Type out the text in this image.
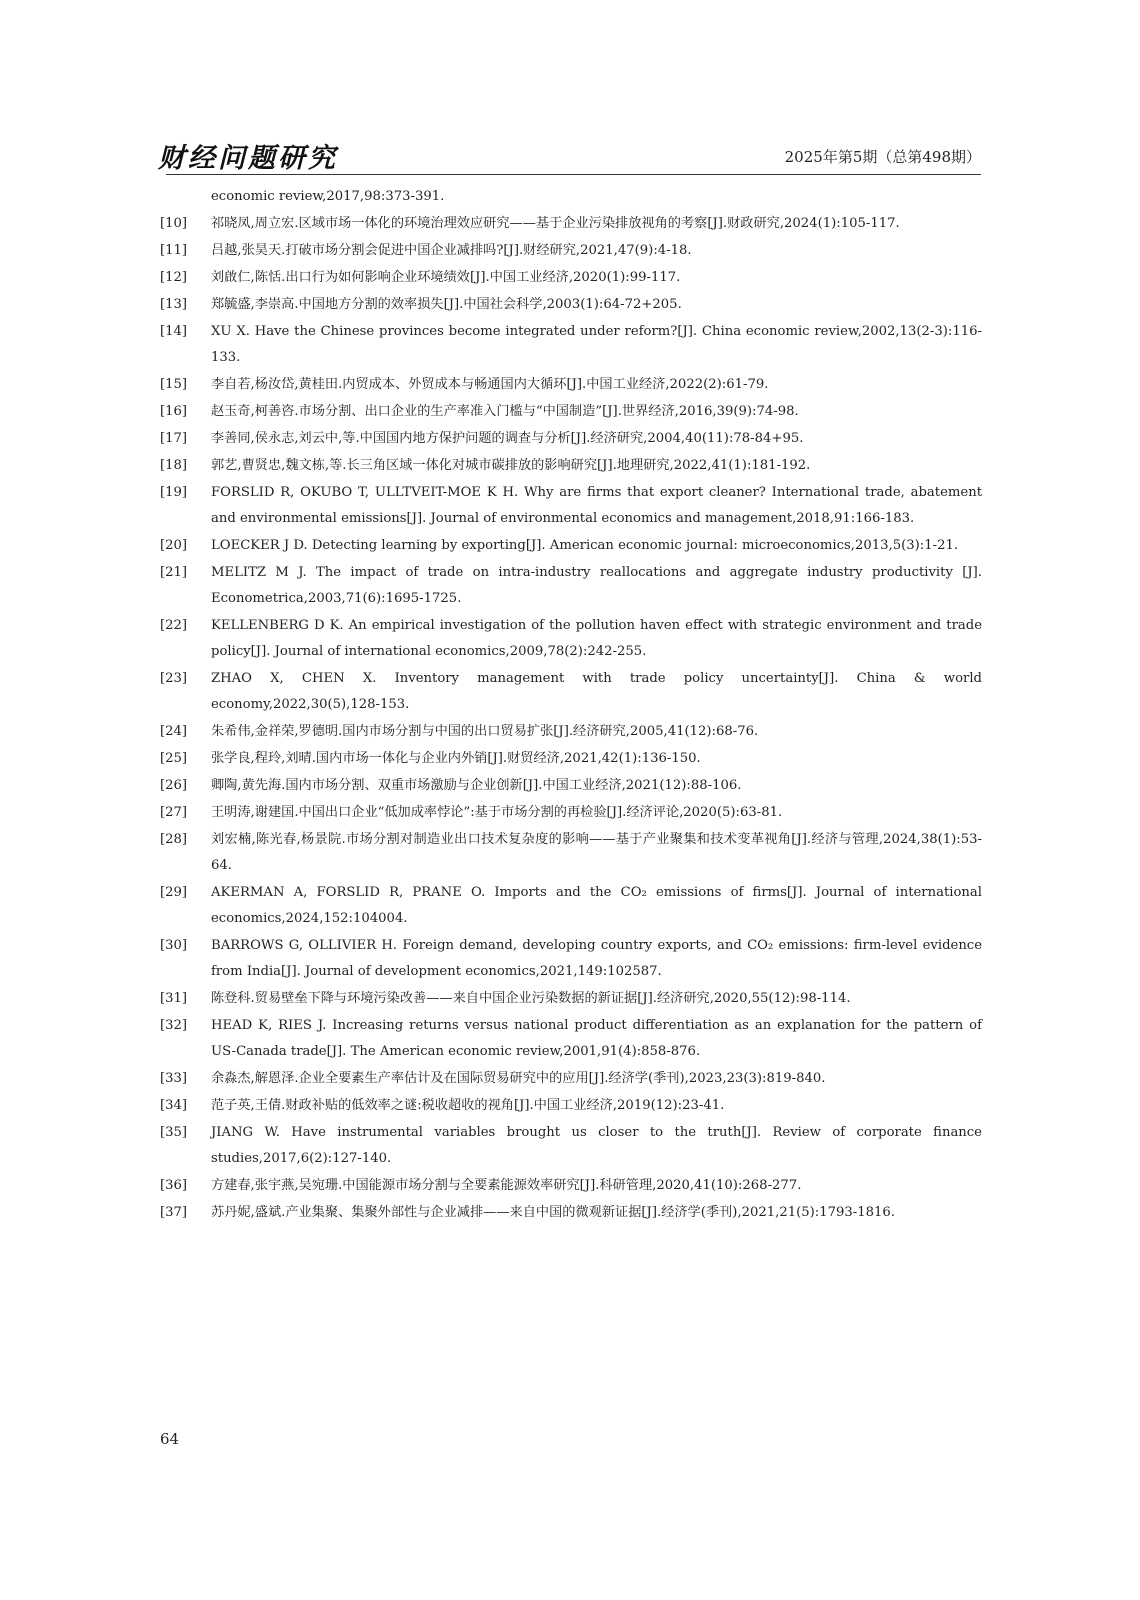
财经问题研究	2025年第5期（总第498期）
economic review,2017,98:373-391.
[10]	祁晓凤,周立宏.区域市场一体化的环境治理效应研究——基于企业污染排放视角的考察[J].财政研究,2024(1):105-117.
[11]	吕越,张昊天.打破市场分割会促进中国企业减排吗?[J].财经研究,2021,47(9):4-18.
[12]	刘啟仁,陈恬.出口行为如何影响企业环境绩效[J].中国工业经济,2020(1):99-117.
[13]	郑毓盛,李崇高.中国地方分割的效率损失[J].中国社会科学,2003(1):64-72+205.
[14]	XU X. Have the Chinese provinces become integrated under reform?[J]. China economic review,2002,13(2-3):116-133.
[15]	李自若,杨汝岱,黄桂田.内贸成本、外贸成本与畅通国内大循环[J].中国工业经济,2022(2):61-79.
[16]	赵玉奇,柯善咨.市场分割、出口企业的生产率准入门槛与“中国制造”[J].世界经济,2016,39(9):74-98.
[17]	李善同,侯永志,刘云中,等.中国国内地方保护问题的调查与分析[J].经济研究,2004,40(11):78-84+95.
[18]	郭艺,曹贤忠,魏文栋,等.长三角区域一体化对城市碳排放的影响研究[J].地理研究,2022,41(1):181-192.
[19]	FORSLID R, OKUBO T, ULLTVEIT-MOE K H. Why are firms that export cleaner? International trade, abatement and environmental emissions[J]. Journal of environmental economics and management,2018,91:166-183.
[20]	LOECKER J D. Detecting learning by exporting[J]. American economic journal: microeconomics,2013,5(3):1-21.
[21]	MELITZ M J. The impact of trade on intra-industry reallocations and aggregate industry productivity [J]. Econometrica,2003,71(6):1695-1725.
[22]	KELLENBERG D K. An empirical investigation of the pollution haven effect with strategic environment and trade policy[J]. Journal of international economics,2009,78(2):242-255.
[23]	ZHAO X, CHEN X. Inventory management with trade policy uncertainty[J]. China & world economy,2022,30(5),128-153.
[24]	朱希伟,金祥荣,罗德明.国内市场分割与中国的出口贸易扩张[J].经济研究,2005,41(12):68-76.
[25]	张学良,程玲,刘晴.国内市场一体化与企业内外销[J].财贸经济,2021,42(1):136-150.
[26]	卿陶,黄先海.国内市场分割、双重市场激励与企业创新[J].中国工业经济,2021(12):88-106.
[27]	王明涛,谢建国.中国出口企业“低加成率悖论”:基于市场分割的再检验[J].经济评论,2020(5):63-81.
[28]	刘宏楠,陈光春,杨景院.市场分割对制造业出口技术复杂度的影响——基于产业聚集和技术变革视角[J].经济与管理,2024,38(1):53-64.
[29]	AKERMAN A, FORSLID R, PRANE O. Imports and the CO₂ emissions of firms[J]. Journal of international economics,2024,152:104004.
[30]	BARROWS G, OLLIVIER H. Foreign demand, developing country exports, and CO₂ emissions: firm-level evidence from India[J]. Journal of development economics,2021,149:102587.
[31]	陈登科.贸易壁垒下降与环境污染改善——来自中国企业污染数据的新证据[J].经济研究,2020,55(12):98-114.
[32]	HEAD K, RIES J. Increasing returns versus national product differentiation as an explanation for the pattern of US-Canada trade[J]. The American economic review,2001,91(4):858-876.
[33]	余淼杰,解恩泽.企业全要素生产率估计及在国际贸易研究中的应用[J].经济学(季刊),2023,23(3):819-840.
[34]	范子英,王倩.财政补贴的低效率之谜:税收超收的视角[J].中国工业经济,2019(12):23-41.
[35]	JIANG W. Have instrumental variables brought us closer to the truth[J]. Review of corporate finance studies,2017,6(2):127-140.
[36]	方建春,张宇燕,吴宛珊.中国能源市场分割与全要素能源效率研究[J].科研管理,2020,41(10):268-277.
[37]	苏丹妮,盛斌.产业集聚、集聚外部性与企业减排——来自中国的微观新证据[J].经济学(季刊),2021,21(5):1793-1816.
64
